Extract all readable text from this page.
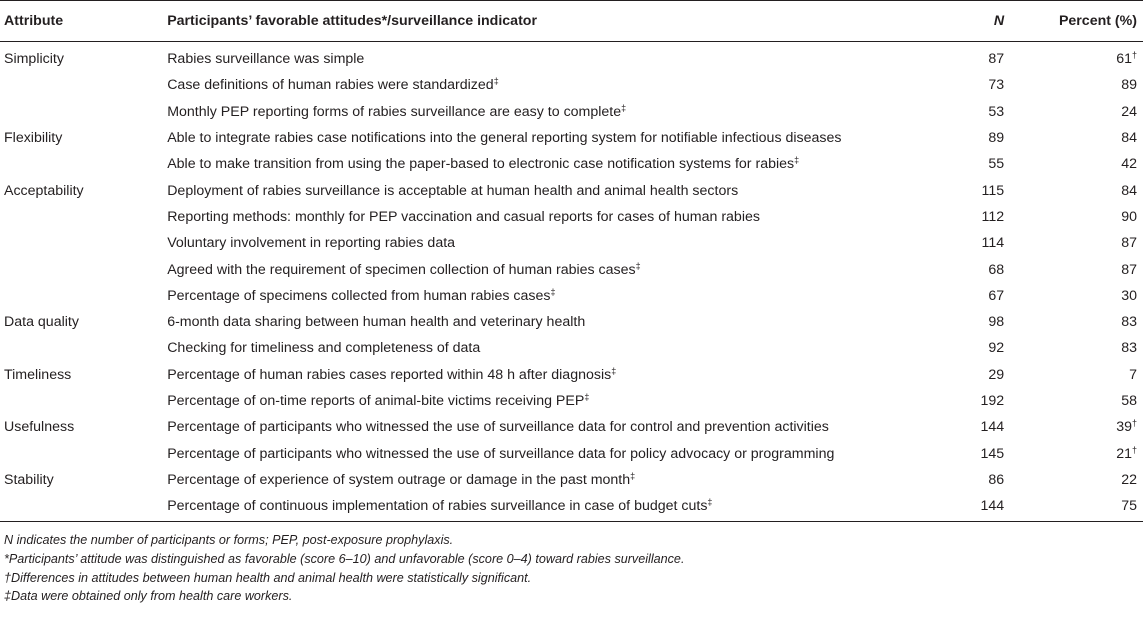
Attribute	Participants’ favorable attitudes*/surveillance indicator	N	Percent (%)
Simplicity	Rabies surveillance was simple	87	61†
	Case definitions of human rabies were standardized‡	73	89
	Monthly PEP reporting forms of rabies surveillance are easy to complete‡	53	24
Flexibility	Able to integrate rabies case notifications into the general reporting system for notifiable infectious diseases	89	84
	Able to make transition from using the paper-based to electronic case notification systems for rabies‡	55	42
Acceptability	Deployment of rabies surveillance is acceptable at human health and animal health sectors	115	84
	Reporting methods: monthly for PEP vaccination and casual reports for cases of human rabies	112	90
	Voluntary involvement in reporting rabies data	114	87
	Agreed with the requirement of specimen collection of human rabies cases‡	68	87
	Percentage of specimens collected from human rabies cases‡	67	30
Data quality	6-month data sharing between human health and veterinary health	98	83
	Checking for timeliness and completeness of data	92	83
Timeliness	Percentage of human rabies cases reported within 48 h after diagnosis‡	29	7
	Percentage of on-time reports of animal-bite victims receiving PEP‡	192	58
Usefulness	Percentage of participants who witnessed the use of surveillance data for control and prevention activities	144	39†
	Percentage of participants who witnessed the use of surveillance data for policy advocacy or programming	145	21†
Stability	Percentage of experience of system outrage or damage in the past month‡	86	22
	Percentage of continuous implementation of rabies surveillance in case of budget cuts‡	144	75

N indicates the number of participants or forms; PEP, post-exposure prophylaxis.

*Participants’ attitude was distinguished as favorable (score 6–10) and unfavorable (score 0–4) toward rabies surveillance.

†Differences in attitudes between human health and animal health were statistically significant.

‡Data were obtained only from health care workers.
